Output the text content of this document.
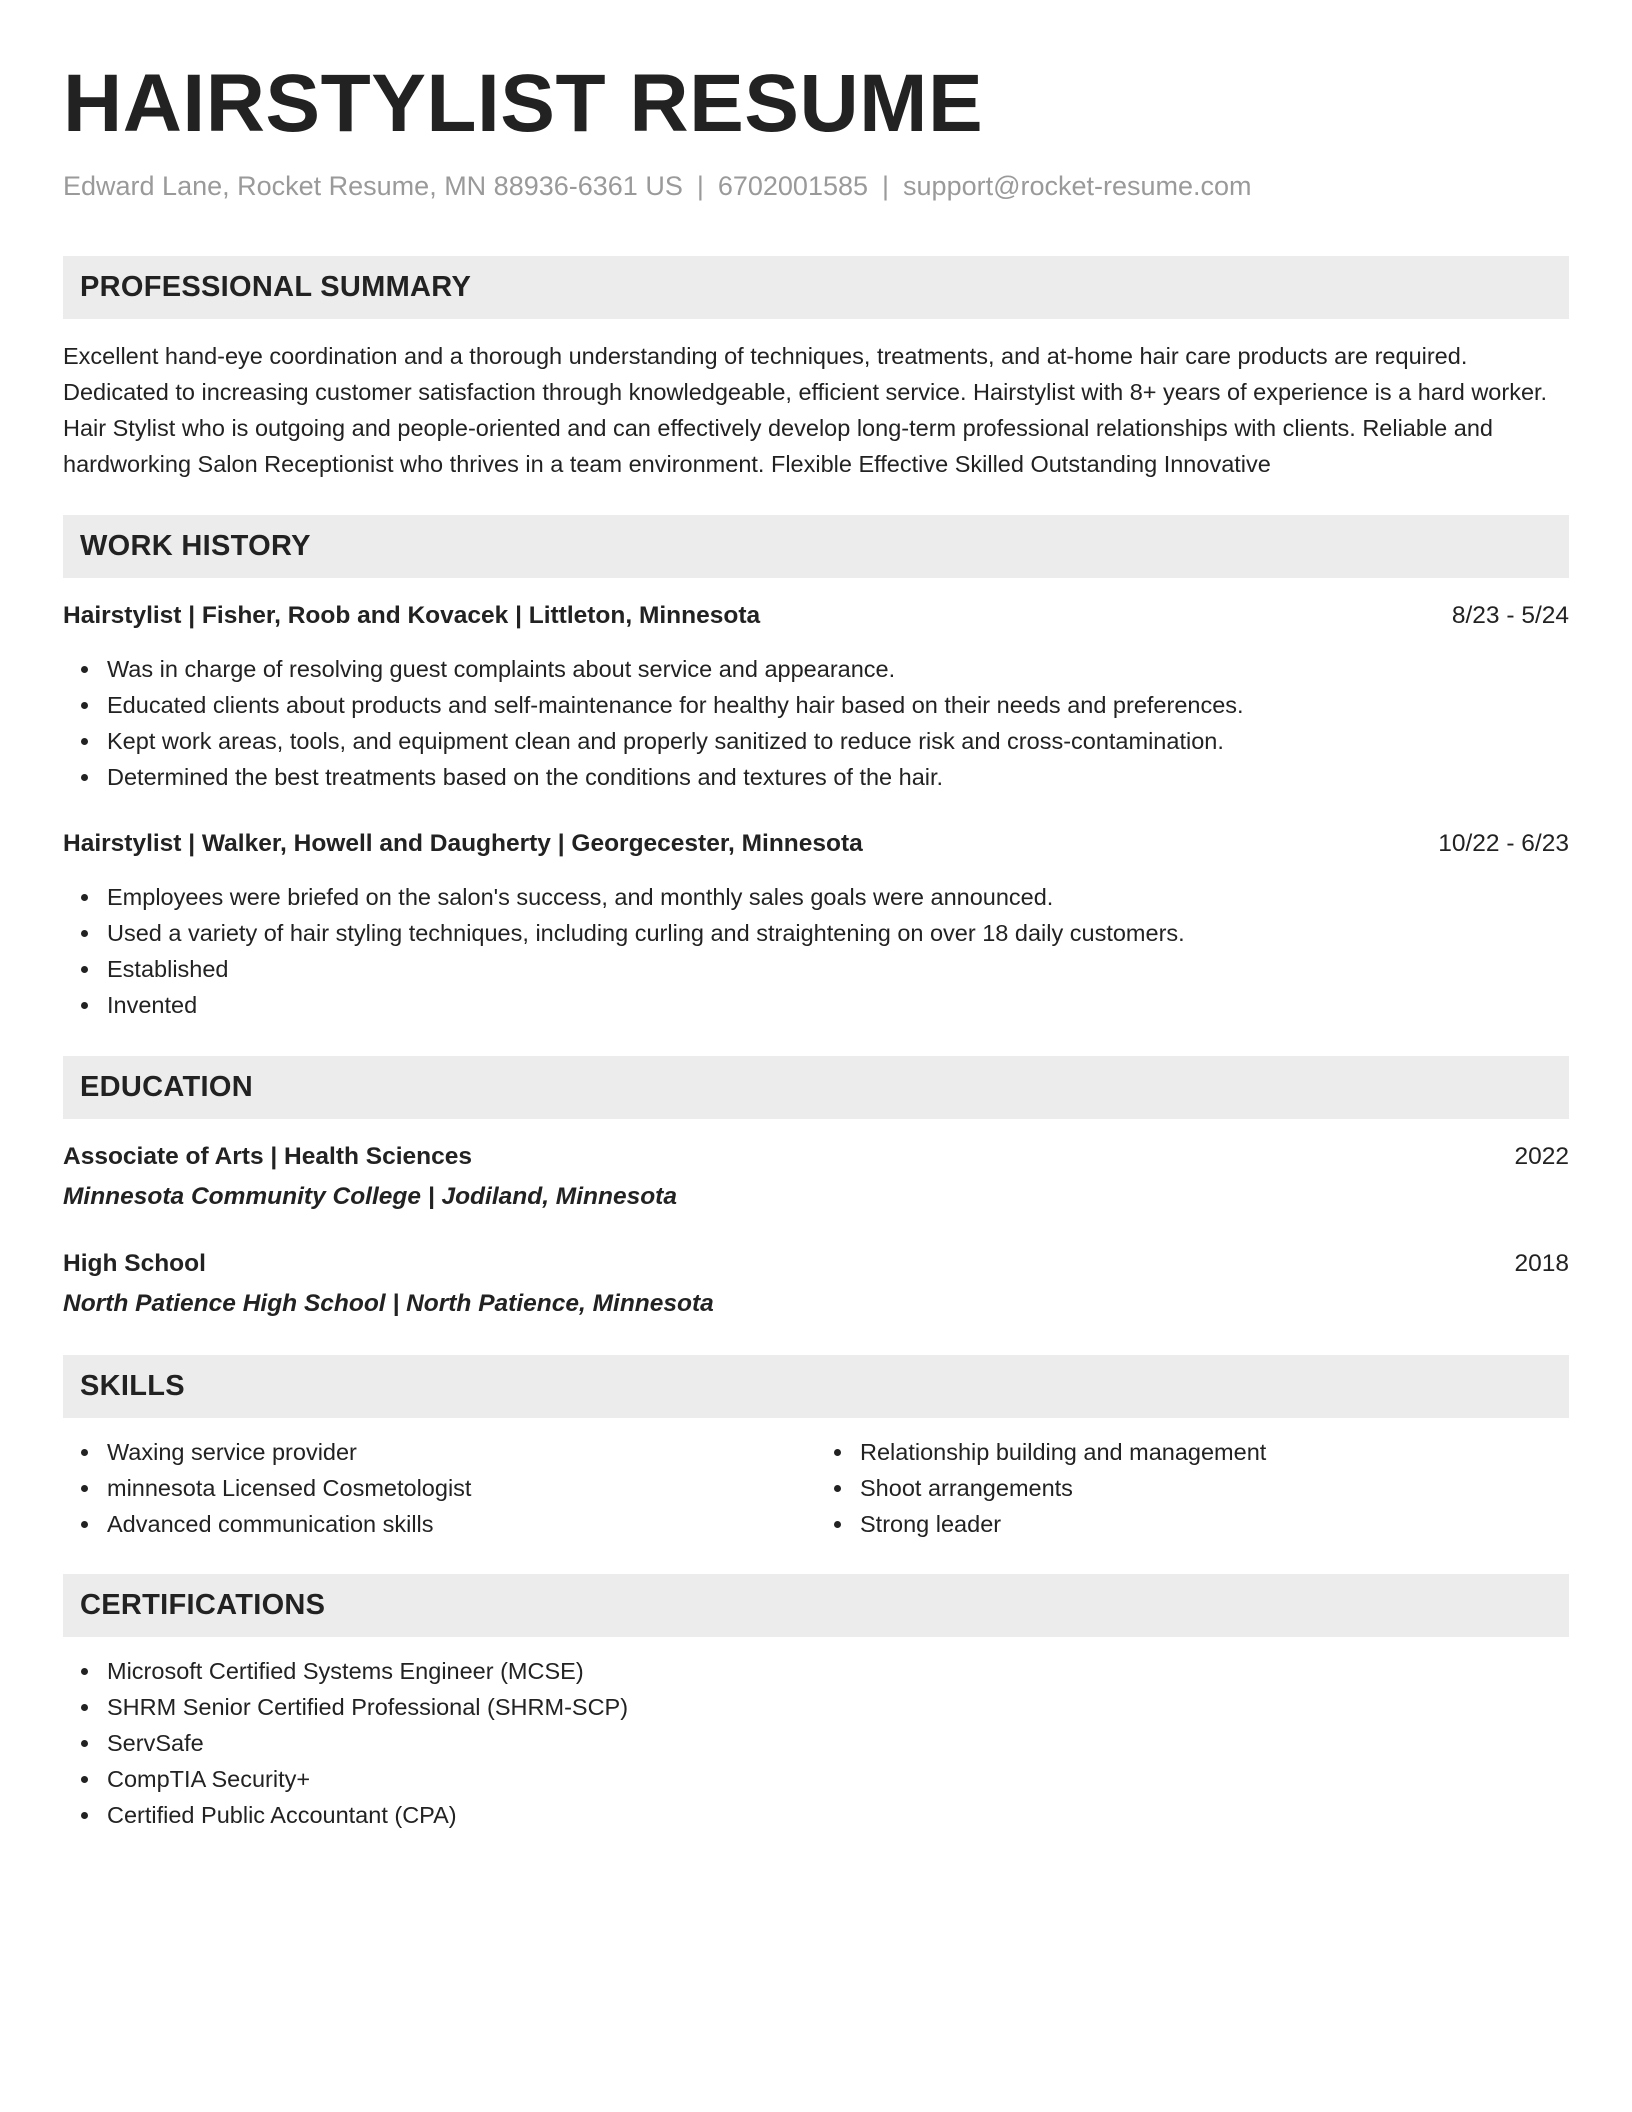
HAIRSTYLIST RESUME
Edward Lane, Rocket Resume, MN 88936-6361 US | 6702001585 | support@rocket-resume.com
PROFESSIONAL SUMMARY
Excellent hand-eye coordination and a thorough understanding of techniques, treatments, and at-home hair care products are required. Dedicated to increasing customer satisfaction through knowledgeable, efficient service. Hairstylist with 8+ years of experience is a hard worker. Hair Stylist who is outgoing and people-oriented and can effectively develop long-term professional relationships with clients. Reliable and hardworking Salon Receptionist who thrives in a team environment. Flexible Effective Skilled Outstanding Innovative
WORK HISTORY
Hairstylist | Fisher, Roob and Kovacek | Littleton, Minnesota	8/23 - 5/24
Was in charge of resolving guest complaints about service and appearance.
Educated clients about products and self-maintenance for healthy hair based on their needs and preferences.
Kept work areas, tools, and equipment clean and properly sanitized to reduce risk and cross-contamination.
Determined the best treatments based on the conditions and textures of the hair.
Hairstylist | Walker, Howell and Daugherty | Georgecester, Minnesota	10/22 - 6/23
Employees were briefed on the salon's success, and monthly sales goals were announced.
Used a variety of hair styling techniques, including curling and straightening on over 18 daily customers.
Established
Invented
EDUCATION
Associate of Arts | Health Sciences	2022
Minnesota Community College | Jodiland, Minnesota
High School	2018
North Patience High School | North Patience, Minnesota
SKILLS
Waxing service provider
minnesota Licensed Cosmetologist
Advanced communication skills
Relationship building and management
Shoot arrangements
Strong leader
CERTIFICATIONS
Microsoft Certified Systems Engineer (MCSE)
SHRM Senior Certified Professional (SHRM-SCP)
ServSafe
CompTIA Security+
Certified Public Accountant (CPA)
